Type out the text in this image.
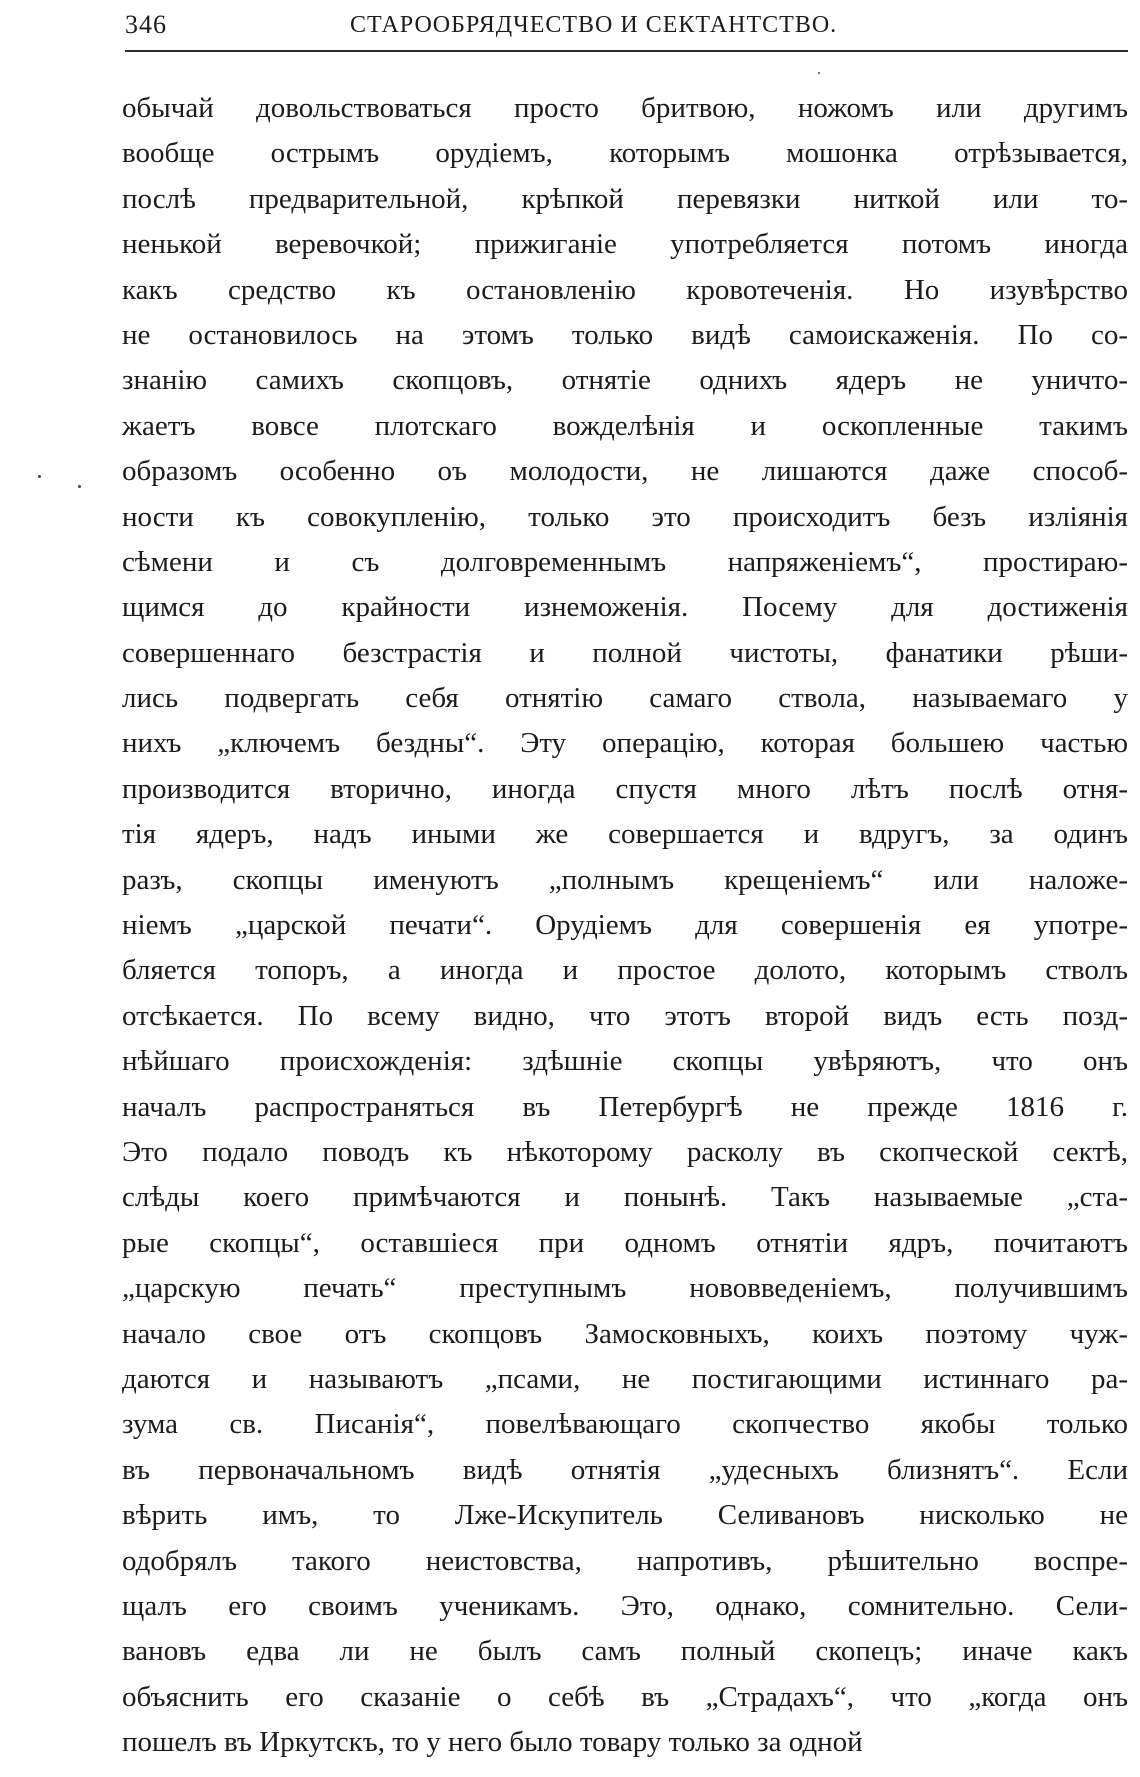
346	СТАРООБРЯДЧЕСТВО И СЕКТАНТСТВО.
обычай довольствоваться просто бритвою, ножомъ или другимъ
вообще острымъ орудіемъ, которымъ мошонка отрѣзывается,
послѣ предварительной, крѣпкой перевязки ниткой или то-
ненькой веревочкой; прижиганіе употребляется потомъ иногда
какъ средство къ остановленію кровотеченія. Но изувѣрство
не остановилось на этомъ только видѣ самоискаженія. По со-
знанію самихъ скопцовъ, отнятіе однихъ ядеръ не уничто-
жаетъ вовсе плотскаго вожделѣнія и оскопленные такимъ
образомъ особенно оъ молодости, не лишаются даже способ-
ности къ совокупленію, только это происходитъ безъ изліянія
сѣмени и съ долговременнымъ напряженіемъ“, простираю-
щимся до крайности изнеможенія. Посему для достиженія
совершеннаго безстрастія и полной чистоты, фанатики рѣши-
лись подвергать себя отнятію самаго ствола, называемаго у
нихъ „ключемъ бездны“. Эту операцію, которая большею частью
производится вторично, иногда спустя много лѣтъ послѣ отня-
тія ядеръ, надъ иными же совершается и вдругъ, за одинъ
разъ, скопцы именуютъ „полнымъ крещеніемъ“ или наложе-
ніемъ „царской печати“. Орудіемъ для совершенія ея употре-
бляется топоръ, а иногда и простое долото, которымъ стволъ
отсѣкается. По всему видно, что этотъ второй видъ есть позд-
нѣйшаго происхожденія: здѣшніе скопцы увѣряютъ, что онъ
началъ распространяться въ Петербургѣ не прежде 1816 г.
Это подало поводъ къ нѣкоторому расколу въ скопческой сектѣ,
слѣды коего примѣчаются и понынѣ. Такъ называемые „ста-
рые скопцы“, оставшіеся при одномъ отнятіи ядръ, почитаютъ
„царскую печать“ преступнымъ нововведеніемъ, получившимъ
начало свое отъ скопцовъ Замосковныхъ, коихъ поэтому чуж-
даются и называютъ „псами, не постигающими истиннаго ра-
зума св. Писанія“, повелѣвающаго скопчество якобы только
въ первоначальномъ видѣ отнятія „удесныхъ близнятъ“. Если
вѣрить имъ, то Лже-Искупитель Селивановъ нисколько не
одобрялъ такого неистовства, напротивъ, рѣшительно воспре-
щалъ его своимъ ученикамъ. Это, однако, сомнительно. Сели-
вановъ едва ли не былъ самъ полный скопецъ; иначе какъ
объяснить его сказаніе о себѣ въ „Страдахъ“, что „когда онъ
пошелъ въ Иркутскъ, то у него было товару только за одной
